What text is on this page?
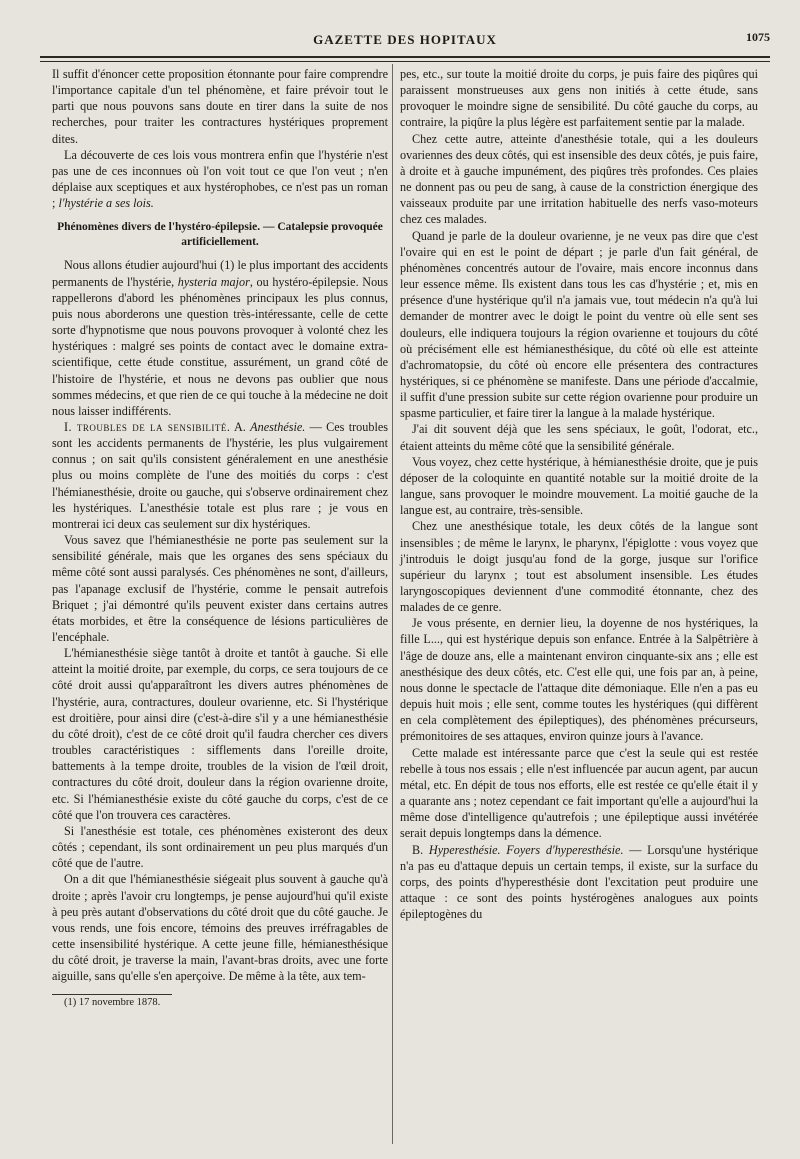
GAZETTE DES HOPITAUX	1075

Il suffit d'énoncer cette proposition étonnante pour faire comprendre l'importance capitale d'un tel phénomène, et faire prévoir tout le parti que nous pouvons sans doute en tirer dans la suite de nos recherches, pour traiter les contractures hystériques proprement dites.

La découverte de ces lois vous montrera enfin que l'hystérie n'est pas une de ces inconnues où l'on voit tout ce que l'on veut ; n'en déplaise aux sceptiques et aux hystérophobes, ce n'est pas un roman ; l'hystérie a ses lois.

Phénomènes divers de l'hystéro-épilepsie. — Catalepsie provoquée artificiellement.

Nous allons étudier aujourd'hui (1) le plus important des accidents permanents de l'hystérie, hysteria major, ou hystéro-épilepsie. Nous rappellerons d'abord les phénomènes principaux les plus connus, puis nous aborderons une question très-intéressante, celle de cette sorte d'hypnotisme que nous pouvons provoquer à volonté chez les hystériques : malgré ses points de contact avec le domaine extra-scientifique, cette étude constitue, assurément, un grand côté de l'histoire de l'hystérie, et nous ne devons pas oublier que nous sommes médecins, et que rien de ce qui touche à la médecine ne doit nous laisser indifférents.

I. troubles de la sensibilité. A. Anesthésie. — Ces troubles sont les accidents permanents de l'hystérie, les plus vulgairement connus ; on sait qu'ils consistent généralement en une anesthésie plus ou moins complète de l'une des moitiés du corps : c'est l'hémianesthésie, droite ou gauche, qui s'observe ordinairement chez les hystériques. L'anesthésie totale est plus rare ; je vous en montrerai ici deux cas seulement sur dix hystériques.

Vous savez que l'hémianesthésie ne porte pas seulement sur la sensibilité générale, mais que les organes des sens spéciaux du même côté sont aussi paralysés. Ces phénomènes ne sont, d'ailleurs, pas l'apanage exclusif de l'hystérie, comme le pensait autrefois Briquet ; j'ai démontré qu'ils peuvent exister dans certains autres états morbides, et être la conséquence de lésions particulières de l'encéphale.

L'hémianesthésie siège tantôt à droite et tantôt à gauche. Si elle atteint la moitié droite, par exemple, du corps, ce sera toujours de ce côté droit aussi qu'apparaîtront les divers autres phénomènes de l'hystérie, aura, contractures, douleur ovarienne, etc. Si l'hystérique est droitière, pour ainsi dire (c'est-à-dire s'il y a une hémianesthésie du côté droit), c'est de ce côté droit qu'il faudra chercher ces divers troubles caractéristiques : sifflements dans l'oreille droite, battements à la tempe droite, troubles de la vision de l'œil droit, contractures du côté droit, douleur dans la région ovarienne droite, etc. Si l'hémianesthésie existe du côté gauche du corps, c'est de ce côté que l'on trouvera ces caractères.

Si l'anesthésie est totale, ces phénomènes existeront des deux côtés ; cependant, ils sont ordinairement un peu plus marqués d'un côté que de l'autre.

On a dit que l'hémianesthésie siégeait plus souvent à gauche qu'à droite ; après l'avoir cru longtemps, je pense aujourd'hui qu'il existe à peu près autant d'observations du côté droit que du côté gauche. Je vous rends, une fois encore, témoins des preuves irréfragables de cette insensibilité hystérique. A cette jeune fille, hémianesthésique du côté droit, je traverse la main, l'avant-bras droits, avec une forte aiguille, sans qu'elle s'en aperçoive. De même à la tête, aux tem-

(1) 17 novembre 1878.

pes, etc., sur toute la moitié droite du corps, je puis faire des piqûres qui paraissent monstrueuses aux gens non initiés à cette étude, sans provoquer le moindre signe de sensibilité. Du côté gauche du corps, au contraire, la piqûre la plus légère est parfaitement sentie par la malade.

Chez cette autre, atteinte d'anesthésie totale, qui a les douleurs ovariennes des deux côtés, qui est insensible des deux côtés, je puis faire, à droite et à gauche impunément, des piqûres très profondes. Ces plaies ne donnent pas ou peu de sang, à cause de la constriction énergique des vaisseaux produite par une irritation habituelle des nerfs vaso-moteurs chez ces malades.

Quand je parle de la douleur ovarienne, je ne veux pas dire que c'est l'ovaire qui en est le point de départ ; je parle d'un fait général, de phénomènes concentrés autour de l'ovaire, mais encore inconnus dans leur essence même. Ils existent dans tous les cas d'hystérie ; et, mis en présence d'une hystérique qu'il n'a jamais vue, tout médecin n'a qu'à lui demander de montrer avec le doigt le point du ventre où elle sent ses douleurs, elle indiquera toujours la région ovarienne et toujours du côté où précisément elle est hémianesthésique, du côté où elle est atteinte d'achromatopsie, du côté où encore elle présentera des contractures hystériques, si ce phénomène se manifeste. Dans une période d'accalmie, il suffit d'une pression subite sur cette région ovarienne pour produire un spasme particulier, et faire tirer la langue à la malade hystérique.

J'ai dit souvent déjà que les sens spéciaux, le goût, l'odorat, etc., étaient atteints du même côté que la sensibilité générale.

Vous voyez, chez cette hystérique, à hémianesthésie droite, que je puis déposer de la coloquinte en quantité notable sur la moitié droite de la langue, sans provoquer le moindre mouvement. La moitié gauche de la langue est, au contraire, très-sensible.

Chez une anesthésique totale, les deux côtés de la langue sont insensibles ; de même le larynx, le pharynx, l'épiglotte : vous voyez que j'introduis le doigt jusqu'au fond de la gorge, jusque sur l'orifice supérieur du larynx ; tout est absolument insensible. Les études laryngoscopiques deviennent d'une commodité étonnante, chez des malades de ce genre.

Je vous présente, en dernier lieu, la doyenne de nos hystériques, la fille L..., qui est hystérique depuis son enfance. Entrée à la Salpêtrière à l'âge de douze ans, elle a maintenant environ cinquante-six ans ; elle est anesthésique des deux côtés, etc. C'est elle qui, une fois par an, à peine, nous donne le spectacle de l'attaque dite démoniaque. Elle n'en a pas eu depuis huit mois ; elle sent, comme toutes les hystériques (qui diffèrent en cela complètement des épileptiques), des phénomènes précurseurs, prémonitoires de ses attaques, environ quinze jours à l'avance.

Cette malade est intéressante parce que c'est la seule qui est restée rebelle à tous nos essais ; elle n'est influencée par aucun agent, par aucun métal, etc. En dépit de tous nos efforts, elle est restée ce qu'elle était il y a quarante ans ; notez cependant ce fait important qu'elle a aujourd'hui la même dose d'intelligence qu'autrefois ; une épileptique aussi invétérée serait depuis longtemps dans la démence.

B. Hyperesthésie. Foyers d'hyperesthésie. — Lorsqu'une hystérique n'a pas eu d'attaque depuis un certain temps, il existe, sur la surface du corps, des points d'hyperesthésie dont l'excitation peut produire une attaque : ce sont des points hystérogènes analogues aux points épileptogènes du
